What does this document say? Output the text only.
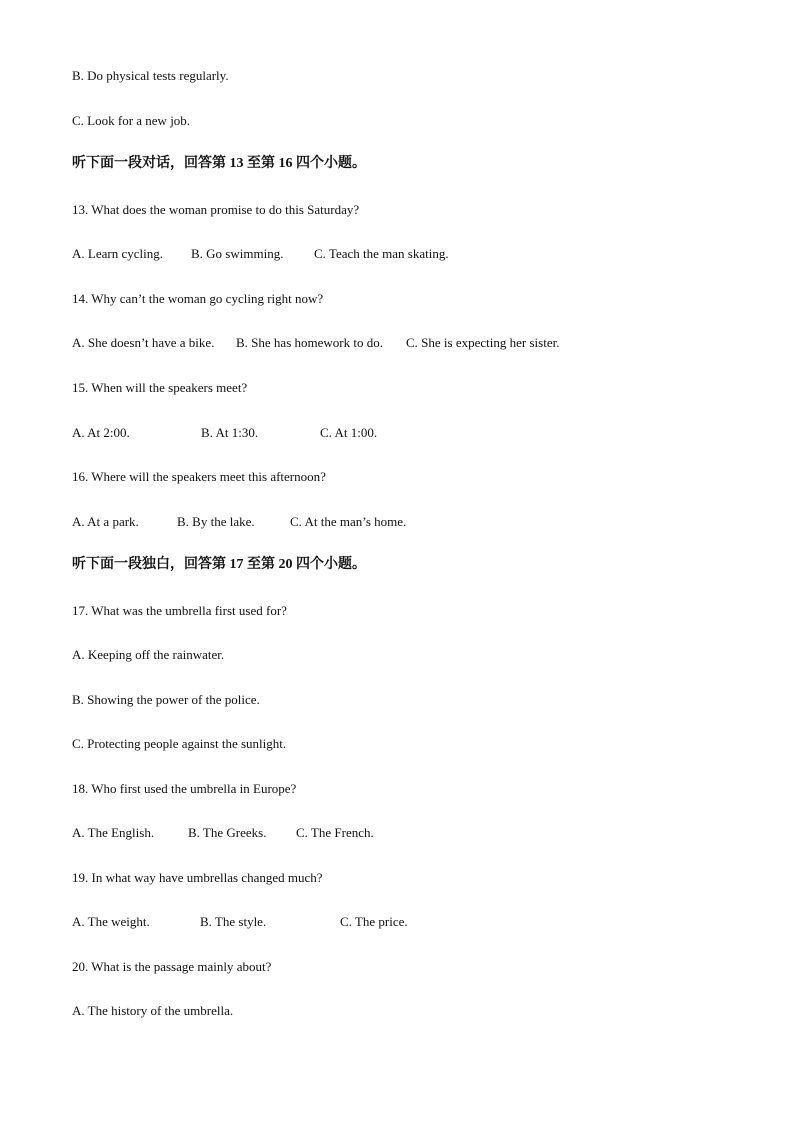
B. Do physical tests regularly.
C. Look for a new job.
听下面一段对话，回答第 13 至第 16 四个小题。
13. What does the woman promise to do this Saturday?
A. Learn cycling. B. Go swimming. C. Teach the man skating.
14. Why can’t the woman go cycling right now?
A. She doesn’t have a bike. B. She has homework to do. C. She is expecting her sister.
15. When will the speakers meet?
A. At 2:00.	B. At 1:30.	C. At 1:00.
16. Where will the speakers meet this afternoon?
A. At a park.	B. By the lake.	C. At the man’s home.
听下面一段独白，回答第 17 至第 20 四个小题。
17. What was the umbrella first used for?
A. Keeping off the rainwater.
B. Showing the power of the police.
C. Protecting people against the sunlight.
18. Who first used the umbrella in Europe?
A. The English.	B. The Greeks. C. The French.
19. In what way have umbrellas changed much?
A. The weight.	B. The style.	C. The price.
20. What is the passage mainly about?
A. The history of the umbrella.
